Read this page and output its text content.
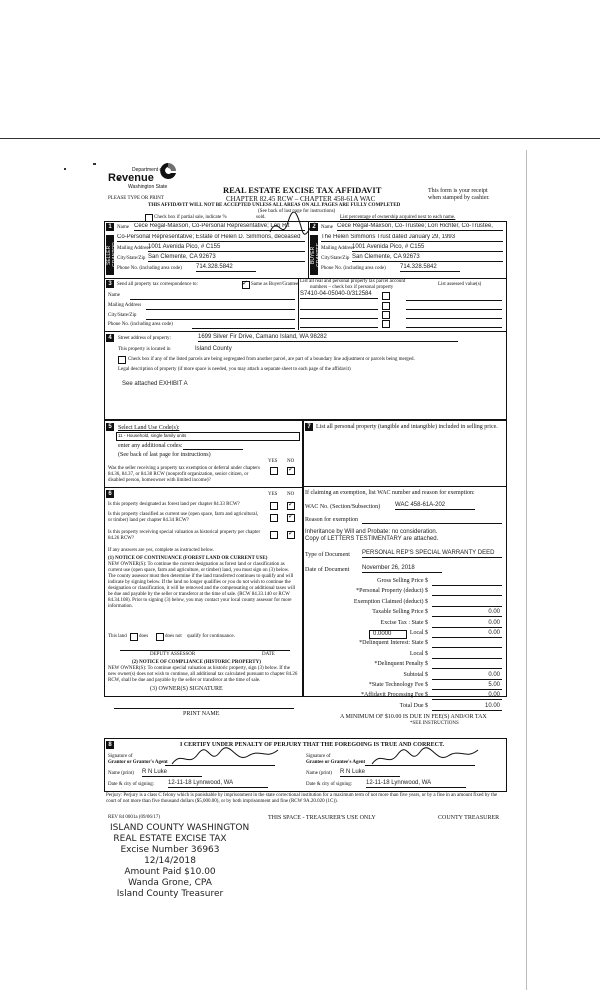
Department of
Revenue
Washington State
PLEASE TYPE OR PRINT
REAL ESTATE EXCISE TAX AFFIDAVIT
CHAPTER 82.45 RCW – CHAPTER 458-61A WAC
THIS AFFIDAVIT WILL NOT BE ACCEPTED UNLESS ALL AREAS ON ALL PAGES ARE FULLY COMPLETED
(See back of last page for instructions)
This form is your receipt
when stamped by cashier.
Check box if partial sale, indicate %	sold.	List percentage of ownership acquired next to each name.
1
SELLER GRANTOR
Name Cece Regal-Maxson, Co-Personal Representative; Lori Rit
Co-Personal Representative; Estate of Helen D. Simmons, deceased
Mailing Address
1001 Avenida Pico, # C155
City/State/Zip San Clemente, CA 92673
Phone No. (including area code) 714.328.5842
2
BUYER GRANTEE
Name Cece Regal-Maxson, Co-Trustee; Lori Richter, Co-Trustee,
The Helen Simmons Trust dated January 29, 1993
Mailing Address
1001 Avenida Pico, # C155
City/State/Zip San Clemente, CA 92673
Phone No. (including area code) 714.328.5842
3	Send all property tax correspondence to:	✓ Same as Buyer/Grantee
Name
Mailing Address
City/State/Zip
Phone No. (including area code)
List all real and personal property tax parcel account
numbers – check box if personal property
List assessed value(s)
S7410-04-05040-0/312584
4	Street address of property:	1699 Silver Fir Drive, Camano Island, WA 98282
This property is located in	Island County
Check box if any of the listed parcels are being segregated from another parcel, are part of a boundary line adjustment or parcels being merged.
Legal description of property (if more space is needed, you may attach a separate sheet to each page of the affidavit)
See attached EXHIBIT A
5	Select Land Use Code(s):
11 - Household, single family units
enter any additional codes:
(See back of last page for instructions)
YES NO
Was the seller receiving a property tax exemption or deferral under chapters 84.36, 84.37, or 84.38 RCW (nonprofit organization, senior citizen, or disabled person, homeowner with limited income)?
✓
6	YES NO
Is this property designated as forest land per chapter 84.33 RCW?	✓
Is this property classified as current use (open space, farm and agricultural, or timber) land per chapter 84.34 RCW?
✓
Is this property receiving special valuation as historical property per chapter 84.26 RCW?
✓
If any answers are yes, complete as instructed below.
(1) NOTICE OF CONTINUANCE (FOREST LAND OR CURRENT USE)
NEW OWNER(S): To continue the current designation as forest land or classification as current use (open space, farm and agriculture, or timber) land, you must sign on (3) below. The county assessor must then determine if the land transferred continues to qualify and will indicate by signing below. If the land no longer qualifies or you do not wish to continue the designation or classification, it will be removed and the compensating or additional taxes will be due and payable by the seller or transferor at the time of sale. (RCW 84.33.140 or RCW 84.34.108). Prior to signing (3) below, you may contact your local county assessor for more information.
This land does	does not qualify for continuance.
DEPUTY ASSESSOR	DATE
(2) NOTICE OF COMPLIANCE (HISTORIC PROPERTY)
NEW OWNER(S): To continue special valuation as historic property, sign (3) below. If the new owner(s) does not wish to continue, all additional tax calculated pursuant to chapter 84.26 RCW, shall be due and payable by the seller or transferor at the time of sale.
(3) OWNER(S) SIGNATURE
PRINT NAME
7 List all personal property (tangible and intangible) included in selling price.
If claiming an exemption, list WAC number and reason for exemption:
WAC No. (Section/Subsection) WAC 458-61A-202
Reason for exemption
Inheritance by Will and Probate: no consideration.
Copy of LETTERS TESTIMENTARY are attached.
Type of Document PERSONAL REP'S SPECIAL WARRANTY DEED
Date of Document November 26, 2018
Gross Selling Price $
*Personal Property (deduct) $
Exemption Claimed (deduct) $
Taxable Selling Price $	0.00
Excise Tax : State $	0.00
Local $	0.00
*Delinquent Interest: State $
Local $
*Delinquent Penalty $
Subtotal $	0.00
*State Technology Fee $	5.00
*Affidavit Processing Fee $	0.00
Total Due $	10.00
0.0000
A MINIMUM OF $10.00 IS DUE IN FEE(S) AND/OR TAX
*SEE INSTRUCTIONS
8	I CERTIFY UNDER PENALTY OF PERJURY THAT THE FOREGOING IS TRUE AND CORRECT.
Signature of
Grantor or Grantor's Agent
Name (print) R N Luke
Date & city of signing: 12-11-18 Lynnwood, WA
Signature of
Grantee or Grantee's Agent
Name (print) R N Luke
Date & city of signing: 12-11-18 Lynnwood, WA
Perjury: Perjury is a class C felony which is punishable by imprisonment in the state correctional institution for a maximum term of not more than five years, or by a fine in an amount fixed by the court of not more than five thousand dollars ($5,000.00), or by both imprisonment and fine (RCW 9A.20.020 (1C)).
REV 84 0001a (09/06/17)	THIS SPACE - TREASURER'S USE ONLY	COUNTY TREASURER
ISLAND COUNTY WASHINGTON
REAL ESTATE EXCISE TAX
Excise Number 36963
12/14/2018
Amount Paid $10.00
Wanda Grone, CPA
Island County Treasurer
